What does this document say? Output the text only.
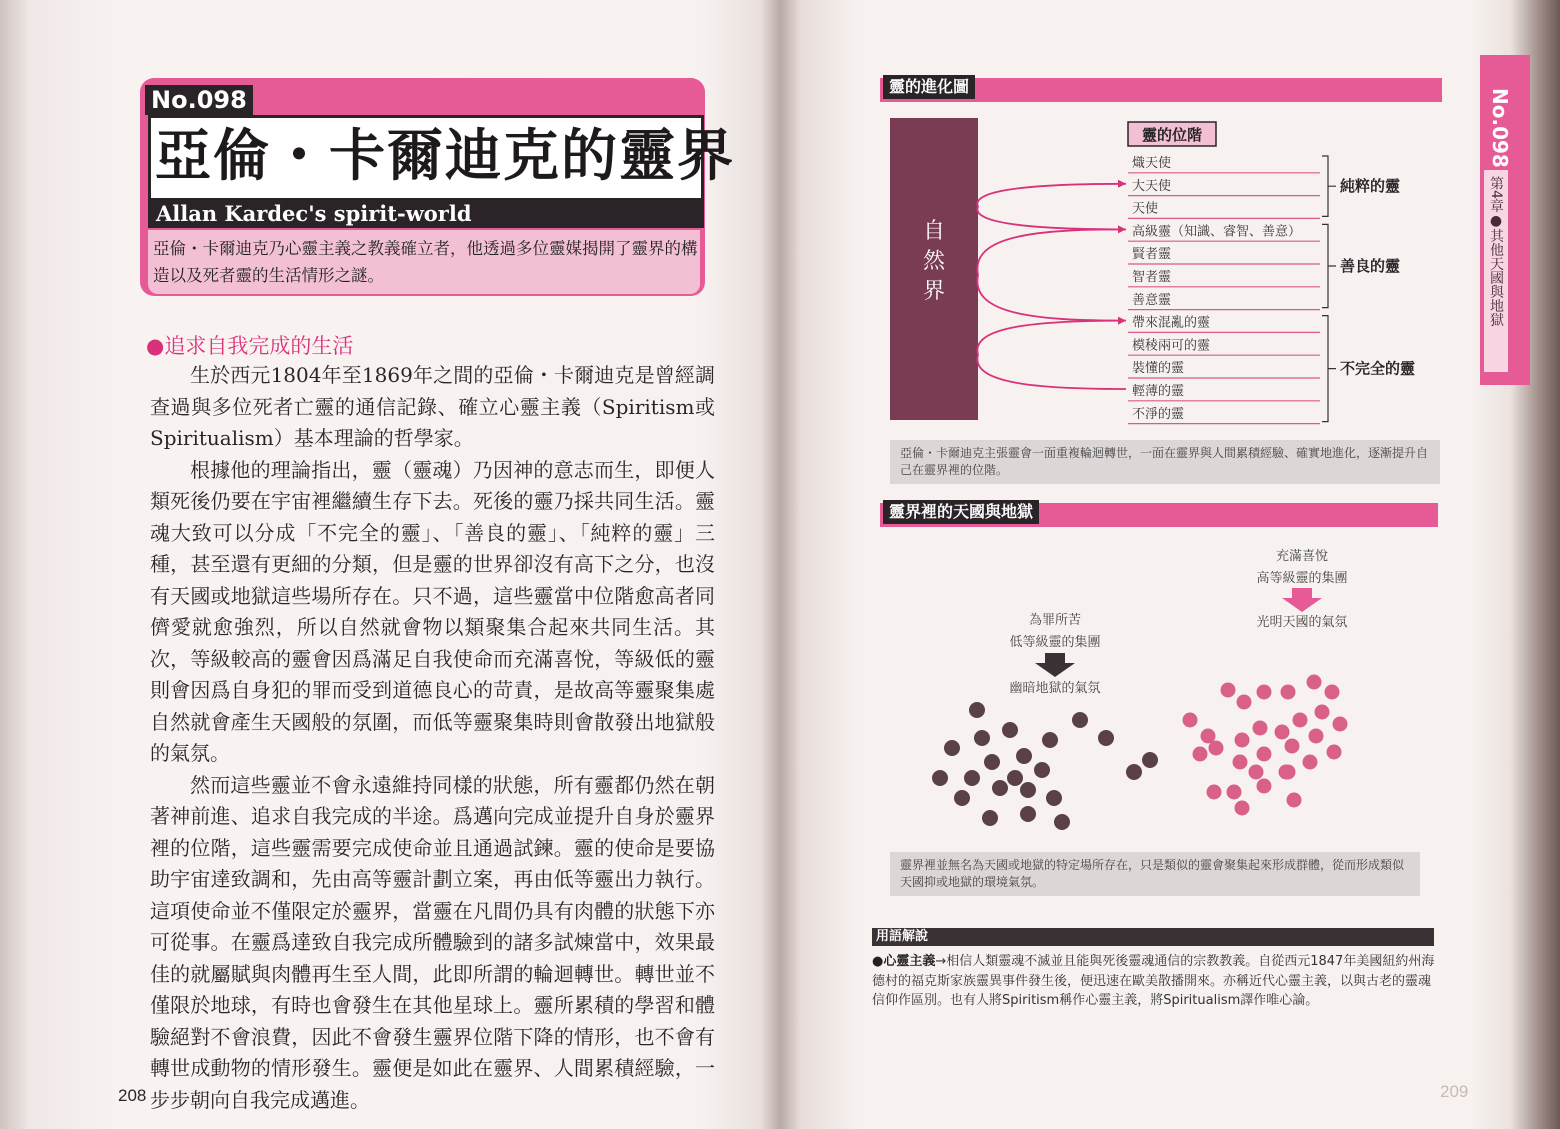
No.098
亞倫・卡爾迪克的靈界
Allan Kardec's spirit-world
亞倫・卡爾迪克乃心靈主義之教義確立者，他透過多位靈媒揭開了靈界的構造以及死者靈的生活情形之謎。
●追求自我完成的生活

生於西元1804年至1869年之間的亞倫・卡爾迪克是曾經調查過與多位死者亡靈的通信記錄、確立心靈主義（Spiritism或Spiritualism）基本理論的哲學家。

根據他的理論指出，靈（靈魂）乃因神的意志而生，即便人類死後仍要在宇宙裡繼續生存下去。死後的靈乃採共同生活。靈魂大致可以分成「不完全的靈」、「善良的靈」、「純粹的靈」三種，甚至還有更細的分類，但是靈的世界卻沒有高下之分，也沒有天國或地獄這些場所存在。只不過，這些靈當中位階愈高者同儕愛就愈強烈，所以自然就會物以類聚集合起來共同生活。其次，等級較高的靈會因爲滿足自我使命而充滿喜悅，等級低的靈則會因爲自身犯的罪而受到道德良心的苛責，是故高等靈聚集處自然就會產生天國般的氛圍，而低等靈聚集時則會散發出地獄般的氣氛。

然而這些靈並不會永遠維持同樣的狀態，所有靈都仍然在朝著神前進、追求自我完成的半途。爲邁向完成並提升自身於靈界裡的位階，這些靈需要完成使命並且通過試鍊。靈的使命是要協助宇宙達致調和，先由高等靈計劃立案，再由低等靈出力執行。這項使命並不僅限定於靈界，當靈在凡間仍具有肉體的狀態下亦可從事。在靈爲達致自我完成所體驗到的諸多試煉當中，效果最佳的就屬賦與肉體再生至人間，此即所謂的輪迴轉世。轉世並不僅限於地球，有時也會發生在其他星球上。靈所累積的學習和體驗絕對不會浪費，因此不會發生靈界位階下降的情形，也不會有轉世成動物的情形發生。靈便是如此在靈界、人間累積經驗，一步步朝向自我完成邁進。

208
No.098
第4章●其他天國與地獄
靈的進化圖
自
然
界
靈的位階
熾天使
大天使
天使
高級靈（知識、睿智、善意）
賢者靈
智者靈
善意靈
帶來混亂的靈
模稜兩可的靈
裝懂的靈
輕薄的靈
不淨的靈
純粹的靈
善良的靈
不完全的靈
亞倫・卡爾迪克主張靈會一面重複輪迴轉世，一面在靈界與人間累積經驗、確實地進化，逐漸提升自己在靈界裡的位階。
靈界裡的天國與地獄
充滿喜悅
高等級靈的集團
光明天國的氣氛
為罪所苦
低等級靈的集團
幽暗地獄的氣氛
靈界裡並無名為天國或地獄的特定場所存在，只是類似的靈會聚集起來形成群體，從而形成類似天國抑或地獄的環境氣氛。
用語解說
●心靈主義→相信人類靈魂不滅並且能與死後靈魂通信的宗教教義。自從西元1847年美國紐約州海德村的福克斯家族靈異事件發生後，便迅速在歐美散播開來。亦稱近代心靈主義，以與古老的靈魂信仰作區別。也有人將Spiritism稱作心靈主義，將Spiritualism譯作唯心論。
209
